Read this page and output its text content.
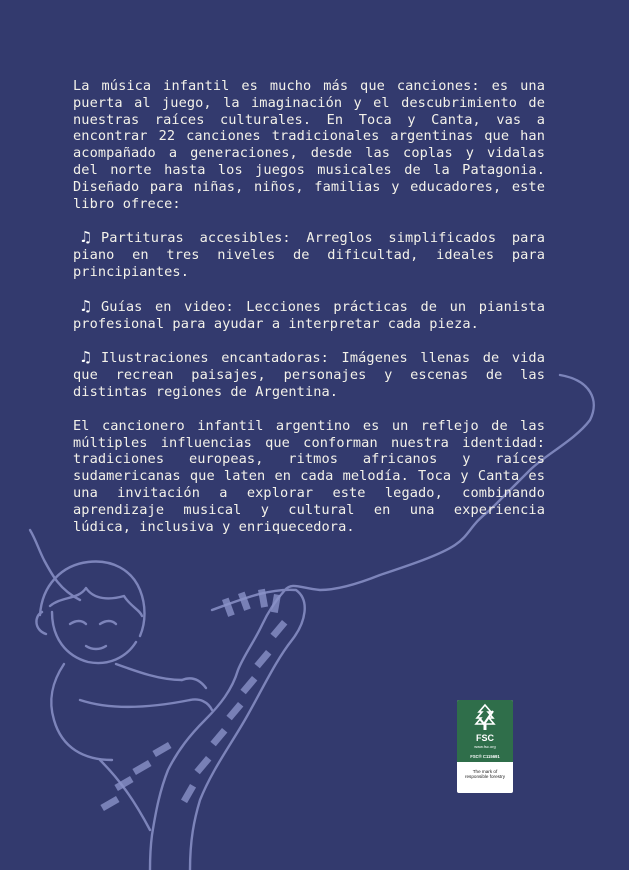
La música infantil es mucho más que canciones: es una puerta al juego, la imaginación y el descubrimiento de nuestras raíces culturales. En Toca y Canta, vas a encontrar 22 canciones tradicionales argentinas que han acompañado a generaciones, desde las coplas y vidalas del norte hasta los juegos musicales de la Patagonia. Diseñado para niñas, niños, familias y educadores, este libro ofrece:

♫ Partituras accesibles: Arreglos simplificados para piano en tres niveles de dificultad, ideales para principiantes.

♫ Guías en video: Lecciones prácticas de un pianista profesional para ayudar a interpretar cada pieza.

♫ Ilustraciones encantadoras: Imágenes llenas de vida que recrean paisajes, personajes y escenas de las distintas regiones de Argentina.

El cancionero infantil argentino es un reflejo de las múltiples influencias que conforman nuestra identidad: tradiciones europeas, ritmos africanos y raíces sudamericanas que laten en cada melodía. Toca y Canta es una invitación a explorar este legado, combinando aprendizaje musical y cultural en una experiencia lúdica, inclusiva y enriquecedora.

FSC
www.fsc.org
FSC® C115691
The mark of
responsible forestry
